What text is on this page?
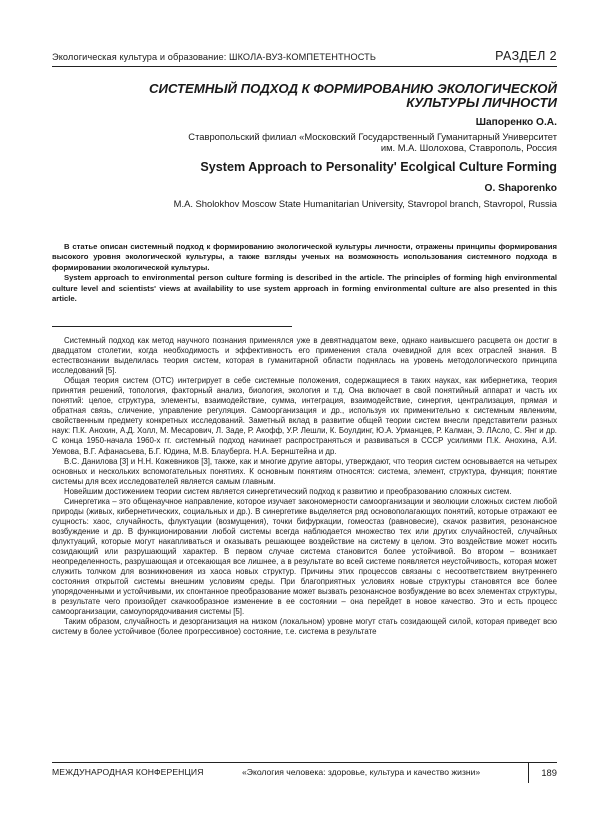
Экологическая культура и образование: ШКОЛА-ВУЗ-КОМПЕТЕНТНОСТЬ	РАЗДЕЛ 2
СИСТЕМНЫЙ ПОДХОД К ФОРМИРОВАНИЮ ЭКОЛОГИЧЕСКОЙ КУЛЬТУРЫ ЛИЧНОСТИ
Шапоренко О.А.
Ставропольский филиал «Московский Государственный Гуманитарный Университет им. М.А. Шолохова, Ставрополь, Россия
System Approach to Personality' Ecolgical Culture Forming
O. Shaporenko
M.A. Sholokhov Moscow State Humanitarian University, Stavropol branch, Stavropol, Russia

В статье описан системный подход к формированию экологической культуры личности, отражены принципы формирования высокого уровня экологической культуры, а также взгляды ученых на возможность использования системного подхода в формировании экологической культуры.

System approach to environmental person culture forming is described in the article. The principles of forming high environmental culture level and scientists' views at availability to use system approach in forming environmental culture are also presented in this article.

Системный подход как метод научного познания применялся уже в девятнадцатом веке, однако наивысшего расцвета он достиг в двадцатом столетии, когда необходимость и эффективность его применения стала очевидной для всех отраслей знания. В естествознании выделилась теория систем, которая в гуманитарной области поднялась на уровень методологического принципа исследований [5].

Общая теория систем (ОТС) интегрирует в себе системные положения, содержащиеся в таких науках, как кибернетика, теория принятия решений, топология, факторный анализ, биология, экология и т.д. Она включает в свой понятийный аппарат и часть их понятий: целое, структура, элементы, взаимодействие, сумма, интеграция, взаимодействие, синергия, централизация, прямая и обратная связь, сличение, управление регуляция. Самоорганизация и др., используя их применительно к системным явлениям, свойственным предмету конкретных исследований. Заметный вклад в развитие общей теории систем внесли представители разных наук: П.К. Анохин, А.Д. Холл, М. Месарович, Л. Заде, Р. Акофф, У.Р. Лешли, К. Боулдинг, Ю.А. Урманцев, Р. Калман, Э. ЛАсло, С. Янг и др. С конца 1950-начала 1960-х гг. системный подход начинает распространяться и развиваться в СССР усилиями П.К. Анохина, А.И. Уемова, В.Г. Афанасьева, Б.Г. Юдина, М.В. Блауберга. Н.А. Бернштейна и др.

В.С. Данилова [3] и Н.Н. Кожевников [3], также, как и многие другие авторы, утверждают, что теория систем основывается на четырех основных и нескольких вспомогательных понятиях. К основным понятиям относятся: система, элемент, структура, функция; понятие системы для всех исследователей является самым главным.

Новейшим достижением теории систем является синергетический подход к развитию и преобразованию сложных систем.

Синергетика – это общенаучное направление, которое изучает закономерности самоорганизации и эволюции сложных систем любой природы (живых, кибернетических, социальных и др.). В синергетике выделяется ряд основополагающих понятий, которые отражают ее сущность: хаос, случайность, флуктуации (возмущения), точки бифуркации, гомеостаз (равновесие), скачок развития, резонансное возбуждение и др. В функционировании любой системы всегда наблюдается множество тех или других случайностей, случайных флуктуаций, которые могут накапливаться и оказывать решающее воздействие на систему в целом. Это воздействие может носить созидающий или разрушающий характер. В первом случае система становится более устойчивой. Во втором – возникает неопределенность, разрушающая и отсекающая все лишнее, а в результате во всей системе появляется неустойчивость, которая может служить толчком для возникновения из хаоса новых структур. Причины этих процессов связаны с несоответствием внутреннего состояния открытой системы внешним условиям среды. При благоприятных условиях новые структуры становятся все более упорядоченными и устойчивыми, их спонтанное преобразование может вызвать резонансное возбуждение во всех элементах структуры, в результате чего произойдет скачкообразное изменение в ее состоянии – она перейдет в новое качество. Это и есть процесс самоорганизации, самоупорядочивания системы [5].

Таким образом, случайность и дезорганизация на низком (локальном) уровне могут стать созидающей силой, которая приведет всю систему в более устойчивое (более прогрессивное) состояние, т.е. система в результате

МЕЖДУНАРОДНАЯ КОНФЕРЕНЦИЯ	«Экология человека: здоровье, культура и качество жизни»	189
